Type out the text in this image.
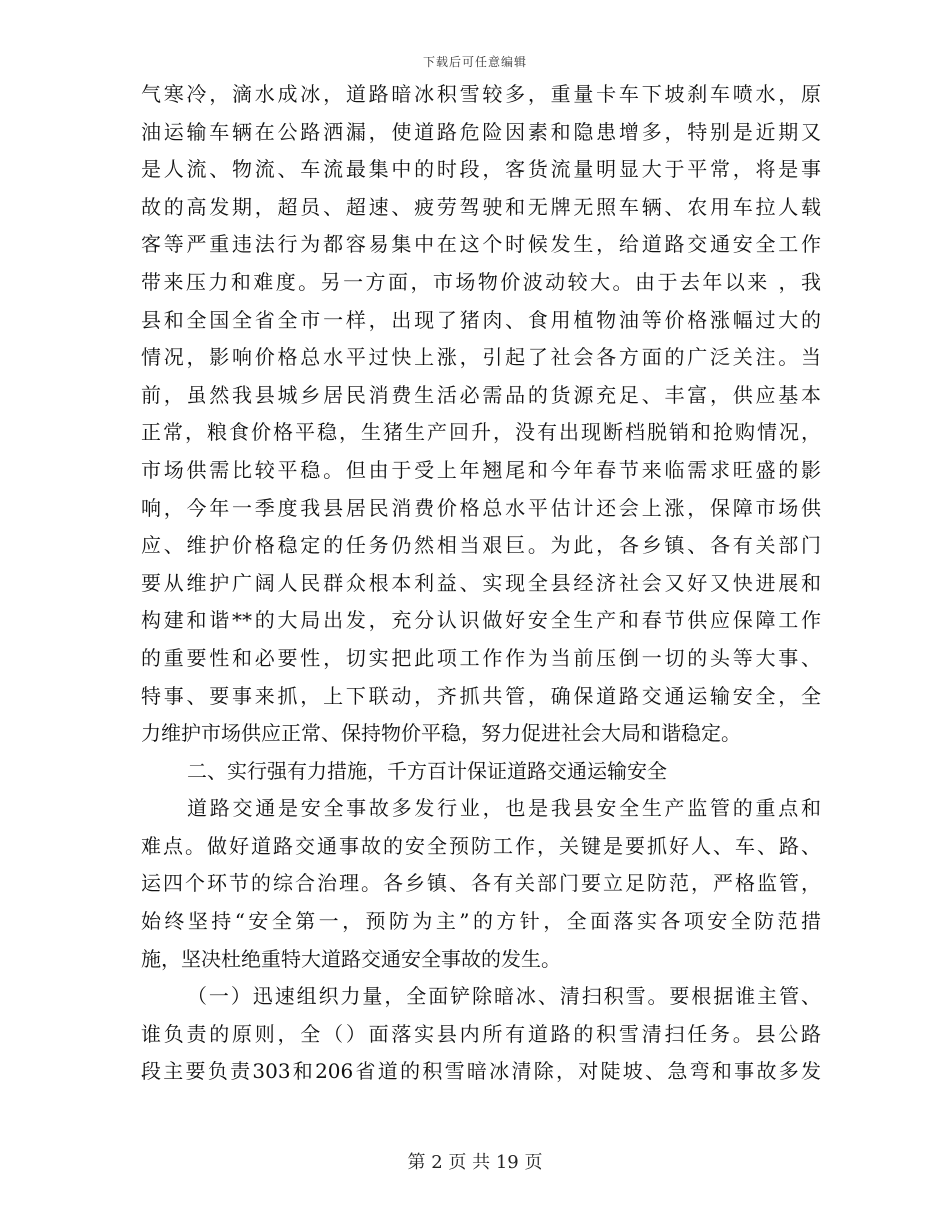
下载后可任意编辑
气寒冷，滴水成冰，道路暗冰积雪较多，重量卡车下坡刹车喷水，原
油运输车辆在公路洒漏，使道路危险因素和隐患增多，特别是近期又
是人流、物流、车流最集中的时段，客货流量明显大于平常，将是事
故的高发期，超员、超速、疲劳驾驶和无牌无照车辆、农用车拉人载
客等严重违法行为都容易集中在这个时候发生，给道路交通安全工作
带来压力和难度。另一方面，市场物价波动较大。由于去年以来 ，我
县和全国全省全市一样，出现了猪肉、食用植物油等价格涨幅过大的
情况，影响价格总水平过快上涨，引起了社会各方面的广泛关注。当
前，虽然我县城乡居民消费生活必需品的货源充足、丰富，供应基本
正常，粮食价格平稳，生猪生产回升，没有出现断档脱销和抢购情况，
市场供需比较平稳。但由于受上年翘尾和今年春节来临需求旺盛的影
响，今年一季度我县居民消费价格总水平估计还会上涨，保障市场供
应、维护价格稳定的任务仍然相当艰巨。为此，各乡镇、各有关部门
要从维护广阔人民群众根本利益、实现全县经济社会又好又快进展和
构建和谐**的大局出发，充分认识做好安全生产和春节供应保障工作
的重要性和必要性，切实把此项工作作为当前压倒一切的头等大事、
特事、要事来抓，上下联动，齐抓共管，确保道路交通运输安全，全
力维护市场供应正常、保持物价平稳，努力促进社会大局和谐稳定。
二、实行强有力措施，千方百计保证道路交通运输安全
道路交通是安全事故多发行业，也是我县安全生产监管的重点和
难点。做好道路交通事故的安全预防工作，关键是要抓好人、车、路、
运四个环节的综合治理。各乡镇、各有关部门要立足防范，严格监管，
始终坚持“安全第一，预防为主”的方针，全面落实各项安全防范措
施，坚决杜绝重特大道路交通安全事故的发生。
（一）迅速组织力量，全面铲除暗冰、清扫积雪。要根据谁主管、
谁负责的原则，全（）面落实县内所有道路的积雪清扫任务。县公路
段主要负责303和206省道的积雪暗冰清除，对陡坡、急弯和事故多发
第 2 页 共 19 页
